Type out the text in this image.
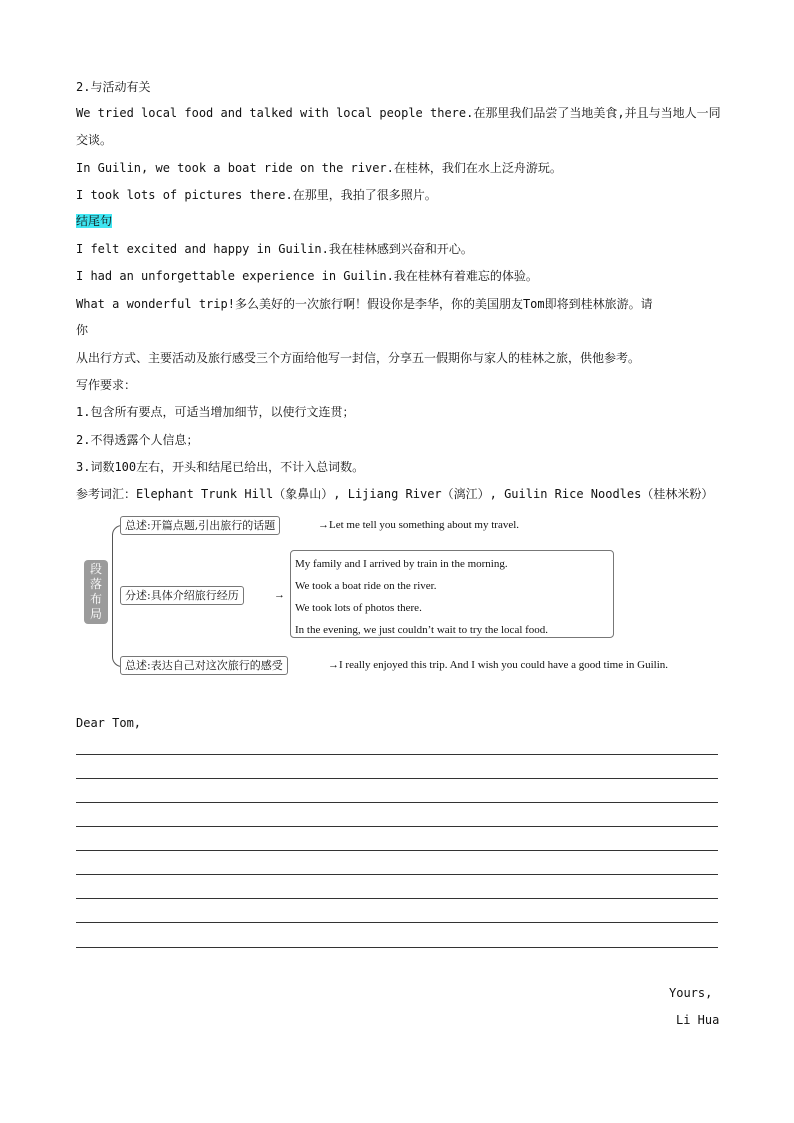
2.与活动有关
We tried local food and talked with local people there.在那里我们品尝了当地美食,并且与当地人一同
交谈。
In Guilin, we took a boat ride on the river.在桂林，我们在水上泛舟游玩。
I took lots of pictures there.在那里，我拍了很多照片。
结尾句
I felt excited and happy in Guilin.我在桂林感到兴奋和开心。
I had an unforgettable experience in Guilin.我在桂林有着难忘的体验。
What a wonderful trip!多么美好的一次旅行啊！假设你是李华，你的美国朋友Tom即将到桂林旅游。请
你
从出行方式、主要活动及旅行感受三个方面给他写一封信，分享五一假期你与家人的桂林之旅，供他参考。
写作要求：
1.包含所有要点，可适当增加细节，以使行文连贯；
2.不得透露个人信息；
3.词数100左右，开头和结尾已给出，不计入总词数。
参考词汇：Elephant Trunk Hill（象鼻山）, Lijiang River（漓江）, Guilin Rice Noodles（桂林米粉）
段
落
布
局
总述:开篇点题,引出旅行的话题	→Let me tell you something about my travel.
分述:具体介绍旅行经历	→
My family and I arrived by train in the morning.
We took a boat ride on the river.
We took lots of photos there.
In the evening, we just couldn’t wait to try the local food.
总述:表达自己对这次旅行的感受	→I really enjoyed this trip. And I wish you could have a good time in Guilin.
Dear Tom,
Yours,
Li Hua
